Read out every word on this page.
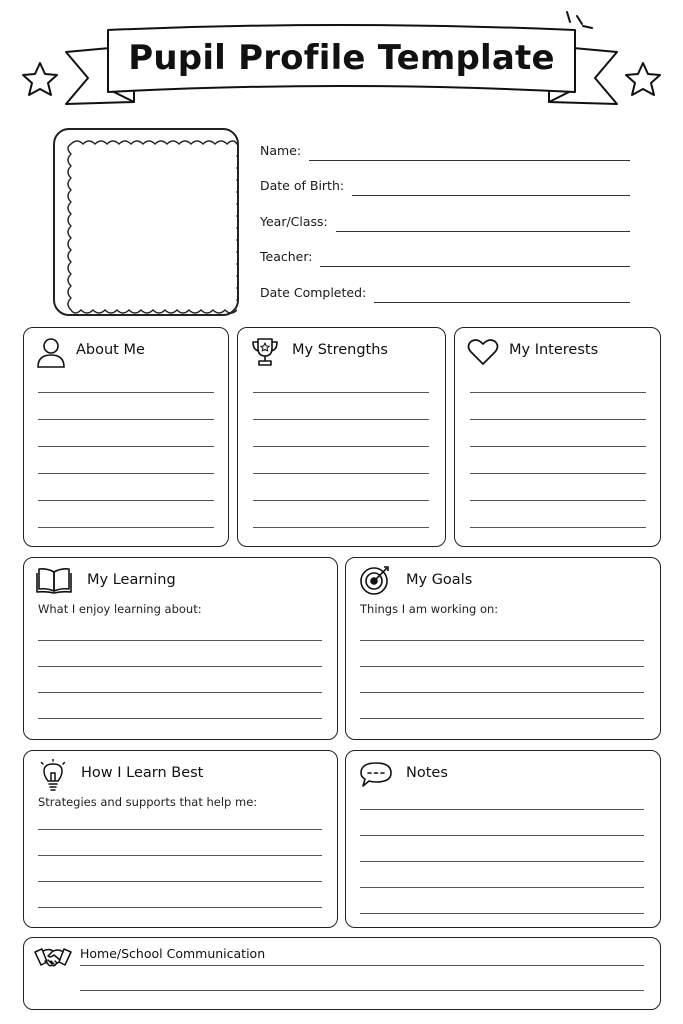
Pupil Profile Template
Name:
Date of Birth:
Year/Class:
Teacher:
Date Completed:
About Me	My Strengths	My Interests
My Learning
What I enjoy learning about:
My Goals
Things I am working on:
How I Learn Best
Strategies and supports that help me:
Notes
Home/School Communication
